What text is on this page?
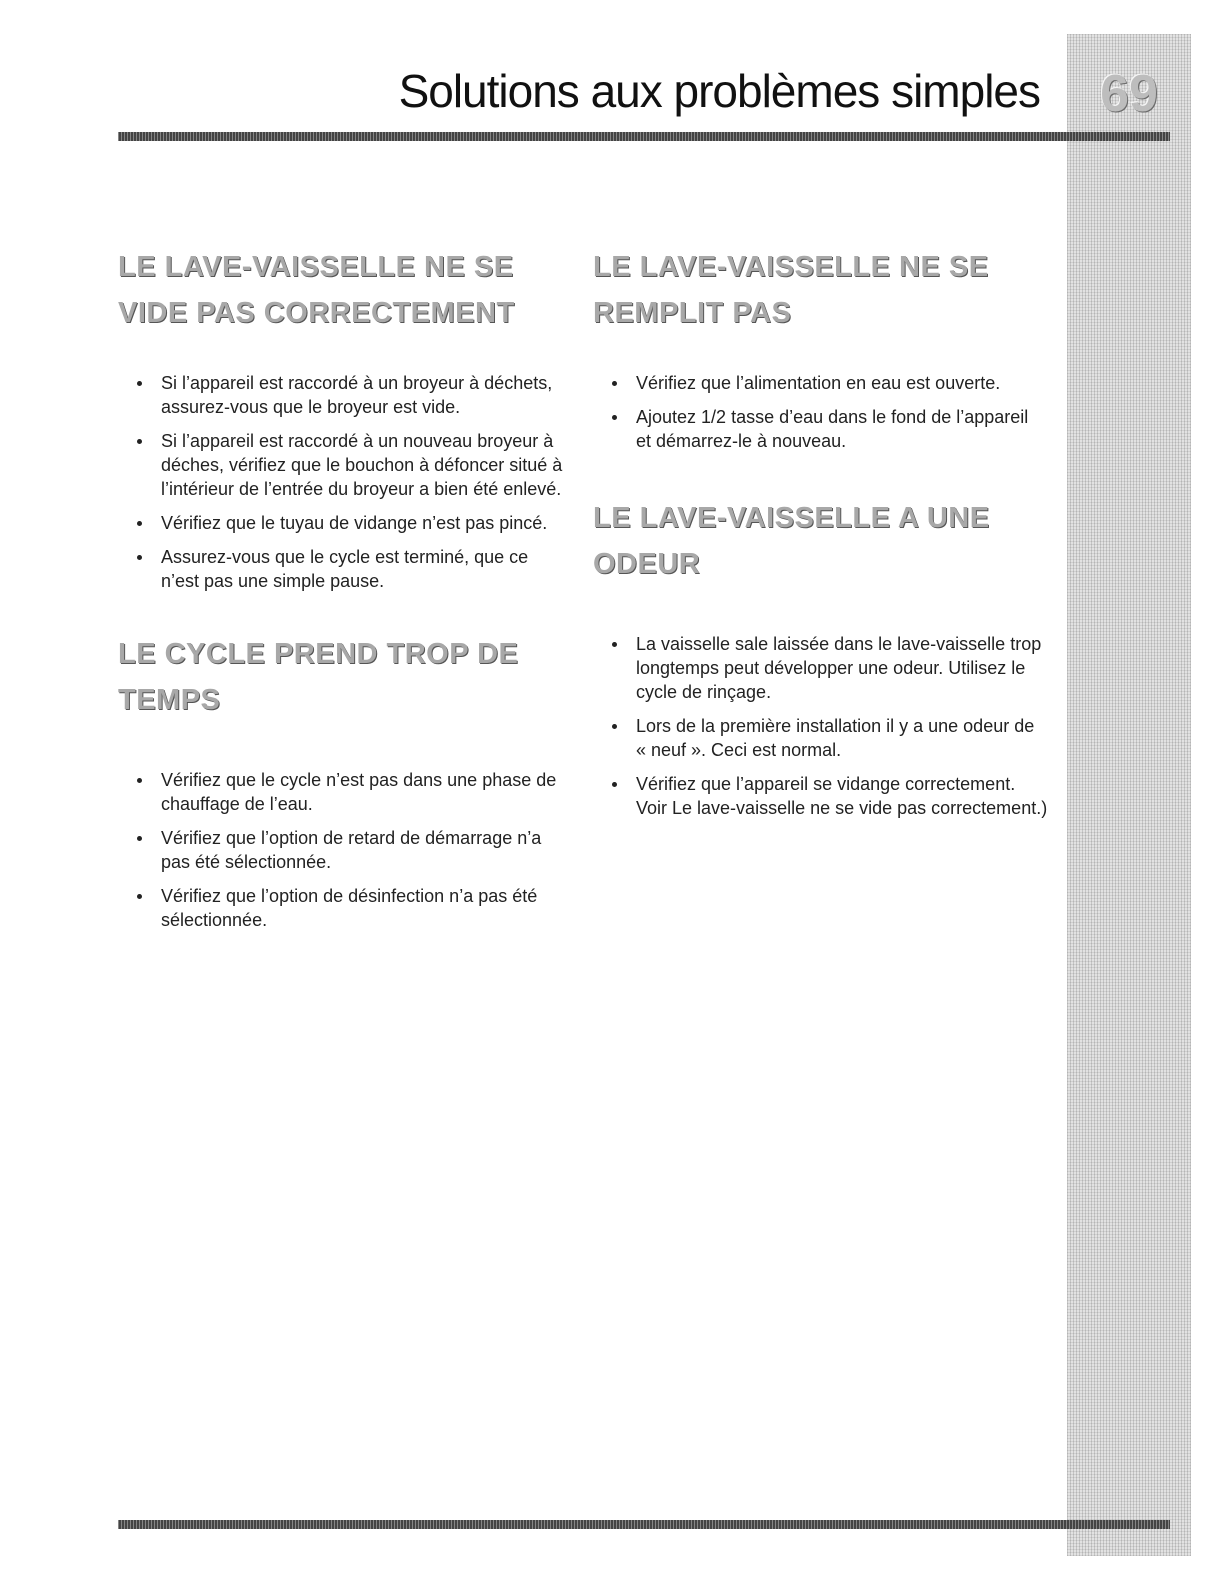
Solutions aux problèmes simples	69
LE LAVE-VAISSELLE NE SE
VIDE PAS CORRECTEMENT
Si l’appareil est raccordé à un broyeur à déchets, assurez-vous que le broyeur est vide.
Si l’appareil est raccordé à un nouveau broyeur à déches, vérifiez que le bouchon à défoncer situé à l’intérieur de l’entrée du broyeur a bien été enlevé.
Vérifiez que le tuyau de vidange n’est pas pincé.
Assurez-vous que le cycle est terminé, que ce n’est pas une simple pause.
LE CYCLE PREND TROP DE
TEMPS
Vérifiez que le cycle n’est pas dans une phase de chauffage de l’eau.
Vérifiez que l’option de retard de démarrage n’a pas été sélectionnée.
Vérifiez que l’option de désinfection n’a pas été sélectionnée.
LE LAVE-VAISSELLE NE SE
REMPLIT PAS
Vérifiez que l’alimentation en eau est ouverte.
Ajoutez 1/2 tasse d’eau dans le fond de l’appareil et démarrez-le à nouveau.
LE LAVE-VAISSELLE A UNE
ODEUR
La vaisselle sale laissée dans le lave-vaisselle trop longtemps peut développer une odeur. Utilisez le cycle de rinçage.
Lors de la première installation il y a une odeur de « neuf ». Ceci est normal.
Vérifiez que l’appareil se vidange correctement. Voir Le lave-vaisselle ne se vide pas correctement.)
